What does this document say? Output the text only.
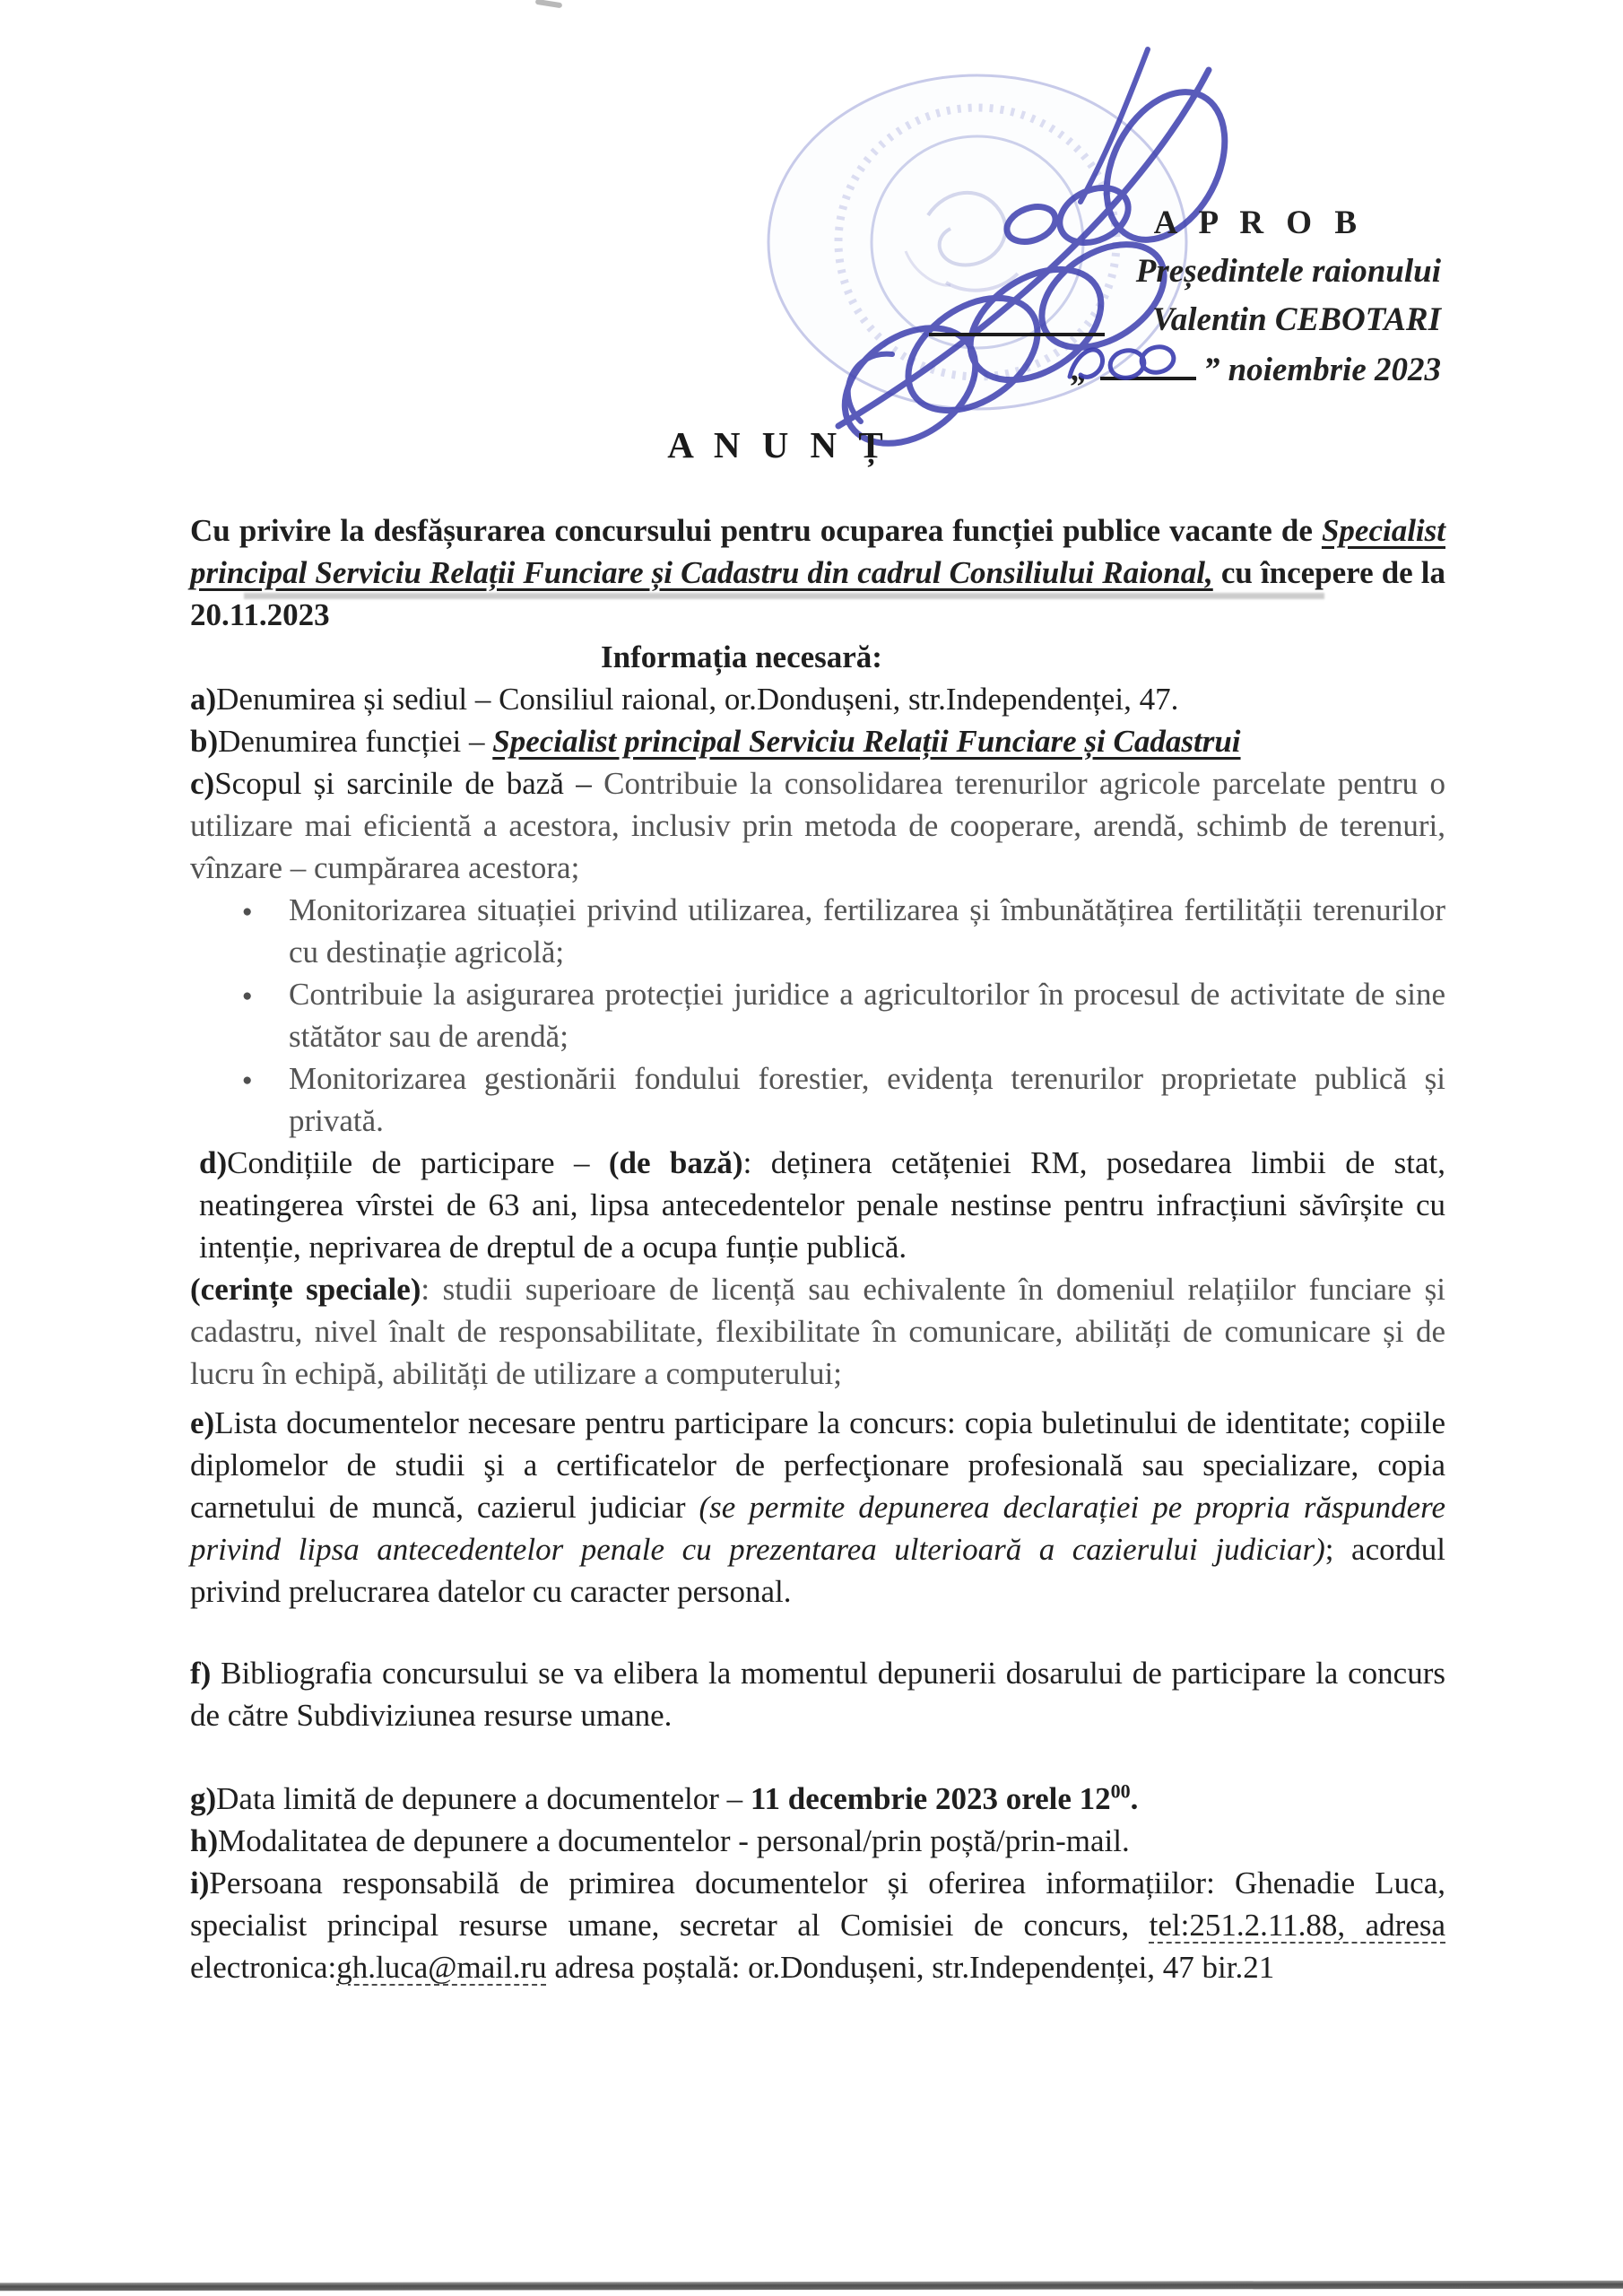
A P R O B
Președintele raionului
Valentin CEBOTARI
„	” noiembrie 2023
A N U N Ț

Cu privire la desfășurarea concursului pentru ocuparea funcției publice vacante de Specialist principal Serviciu Relații Funciare și Cadastru din cadrul Consiliului Raional, cu începere de la 20.11.2023

Informația necesară:

a)Denumirea și sediul – Consiliul raional, or.Dondușeni, str.Independenței, 47.

b)Denumirea funcției – Specialist principal Serviciu Relații Funciare și Cadastrui

c)Scopul și sarcinile de bază – Contribuie la consolidarea terenurilor agricole parcelate pentru o utilizare mai eficientă a acestora, inclusiv prin metoda de cooperare, arendă, schimb de terenuri, vînzare – cumpărarea acestora;

● Monitorizarea situației privind utilizarea, fertilizarea și îmbunătățirea fertilității terenurilor cu destinație agricolă;
● Contribuie la asigurarea protecției juridice a agricultorilor în procesul de activitate de sine stătător sau de arendă;
● Monitorizarea gestionării fondului forestier, evidența terenurilor proprietate publică și privată.

d)Condițiile de participare – (de bază): deținera cetățeniei RM, posedarea limbii de stat, neatingerea vîrstei de 63 ani, lipsa antecedentelor penale nestinse pentru infracțiuni săvîrșite cu intenție, neprivarea de dreptul de a ocupa funție publică.

(cerințe speciale): studii superioare de licență sau echivalente în domeniul relațiilor funciare și cadastru, nivel înalt de responsabilitate, flexibilitate în comunicare, abilități de comunicare și de lucru în echipă, abilități de utilizare a computerului;

e)Lista documentelor necesare pentru participare la concurs: copia buletinului de identitate; copiile diplomelor de studii şi a certificatelor de perfecţionare profesională sau specializare, copia carnetului de muncă, cazierul judiciar (se permite depunerea declarației pe propria răspundere privind lipsa antecedentelor penale cu prezentarea ulterioară a cazierului judiciar); acordul privind prelucrarea datelor cu caracter personal.

f) Bibliografia concursului se va elibera la momentul depunerii dosarului de participare la concurs de către Subdiviziunea resurse umane.

g)Data limită de depunere a documentelor – 11 decembrie 2023 orele $12^{00}$.

h)Modalitatea de depunere a documentelor - personal/prin poștă/prin-mail.

i)Persoana responsabilă de primirea documentelor și oferirea informațiilor: Ghenadie Luca, specialist principal resurse umane, secretar al Comisiei de concurs, tel:251.2.11.88, adresa electronica:gh.luca@mail.ru adresa poștală: or.Dondușeni, str.Independenței, 47 bir.21
